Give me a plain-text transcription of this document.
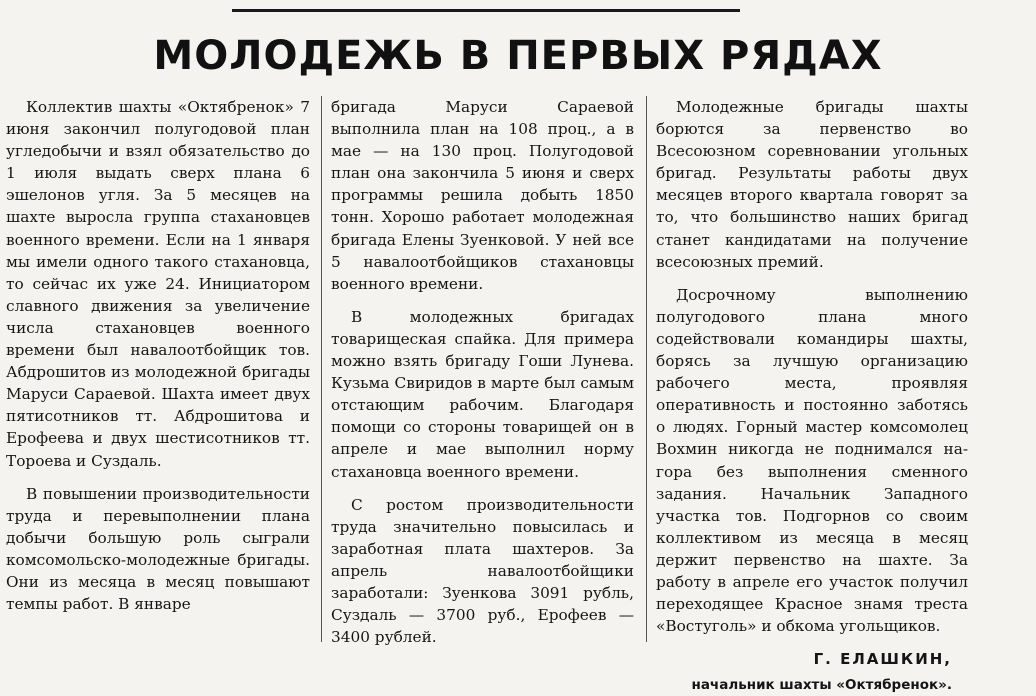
МОЛОДЕЖЬ В ПЕРВЫХ РЯДАХ

Коллектив шахты «Октябренок» 7 июня закончил полугодовой план угледобычи и взял обязательство до 1 июля выдать сверх плана 6 эшелонов угля. За 5 месяцев на шахте выросла группа стахановцев военного времени. Если на 1 января мы имели одного такого стахановца, то сейчас их уже 24. Инициатором славного движения за увеличение числа стахановцев военного времени был навалоотбойщик тов. Абдрошитов из молодежной бригады Маруси Сараевой. Шахта имеет двух пятисотников тт. Абдрошитова и Ерофеева и двух шестисотников тт. Тороева и Суздаль.

В повышении производительности труда и перевыполнении плана добычи большую роль сыграли комсомольско-молодежные бригады. Они из месяца в месяц повышают темпы работ. В январе

бригада Маруси Сараевой выполнила план на 108 проц., а в мае — на 130 проц. Полугодовой план она закончила 5 июня и сверх программы решила добыть 1850 тонн. Хорошо работает молодежная бригада Елены Зуенковой. У ней все 5 навалоотбойщиков стахановцы военного времени.

В молодежных бригадах товарищеская спайка. Для примера можно взять бригаду Гоши Лунева. Кузьма Свиридов в марте был самым отстающим рабочим. Благодаря помощи со стороны товарищей он в апреле и мае выполнил норму стахановца военного времени.

С ростом производительности труда значительно повысилась и заработная плата шахтеров. За апрель навалоотбойщики заработали: Зуенкова 3091 рубль, Суздаль — 3700 руб., Ерофеев — 3400 рублей.

Молодежные бригады шахты борются за первенство во Всесоюзном соревновании угольных бригад. Результаты работы двух месяцев второго квартала говорят за то, что большинство наших бригад станет кандидатами на получение всесоюзных премий.

Досрочному выполнению полугодового плана много содействовали командиры шахты, борясь за лучшую организацию рабочего места, проявляя оперативность и постоянно заботясь о людях. Горный мастер комсомолец Вохмин никогда не поднимался на-гора без выполнения сменного задания. Начальник Западного участка тов. Подгорнов со своим коллективом из месяца в месяц держит первенство на шахте. За работу в апреле его участок получил переходящее Красное знамя треста «Востуголь» и обкома угольщиков.

Г. ЕЛАШКИН,
начальник шахты «Октябренок».
